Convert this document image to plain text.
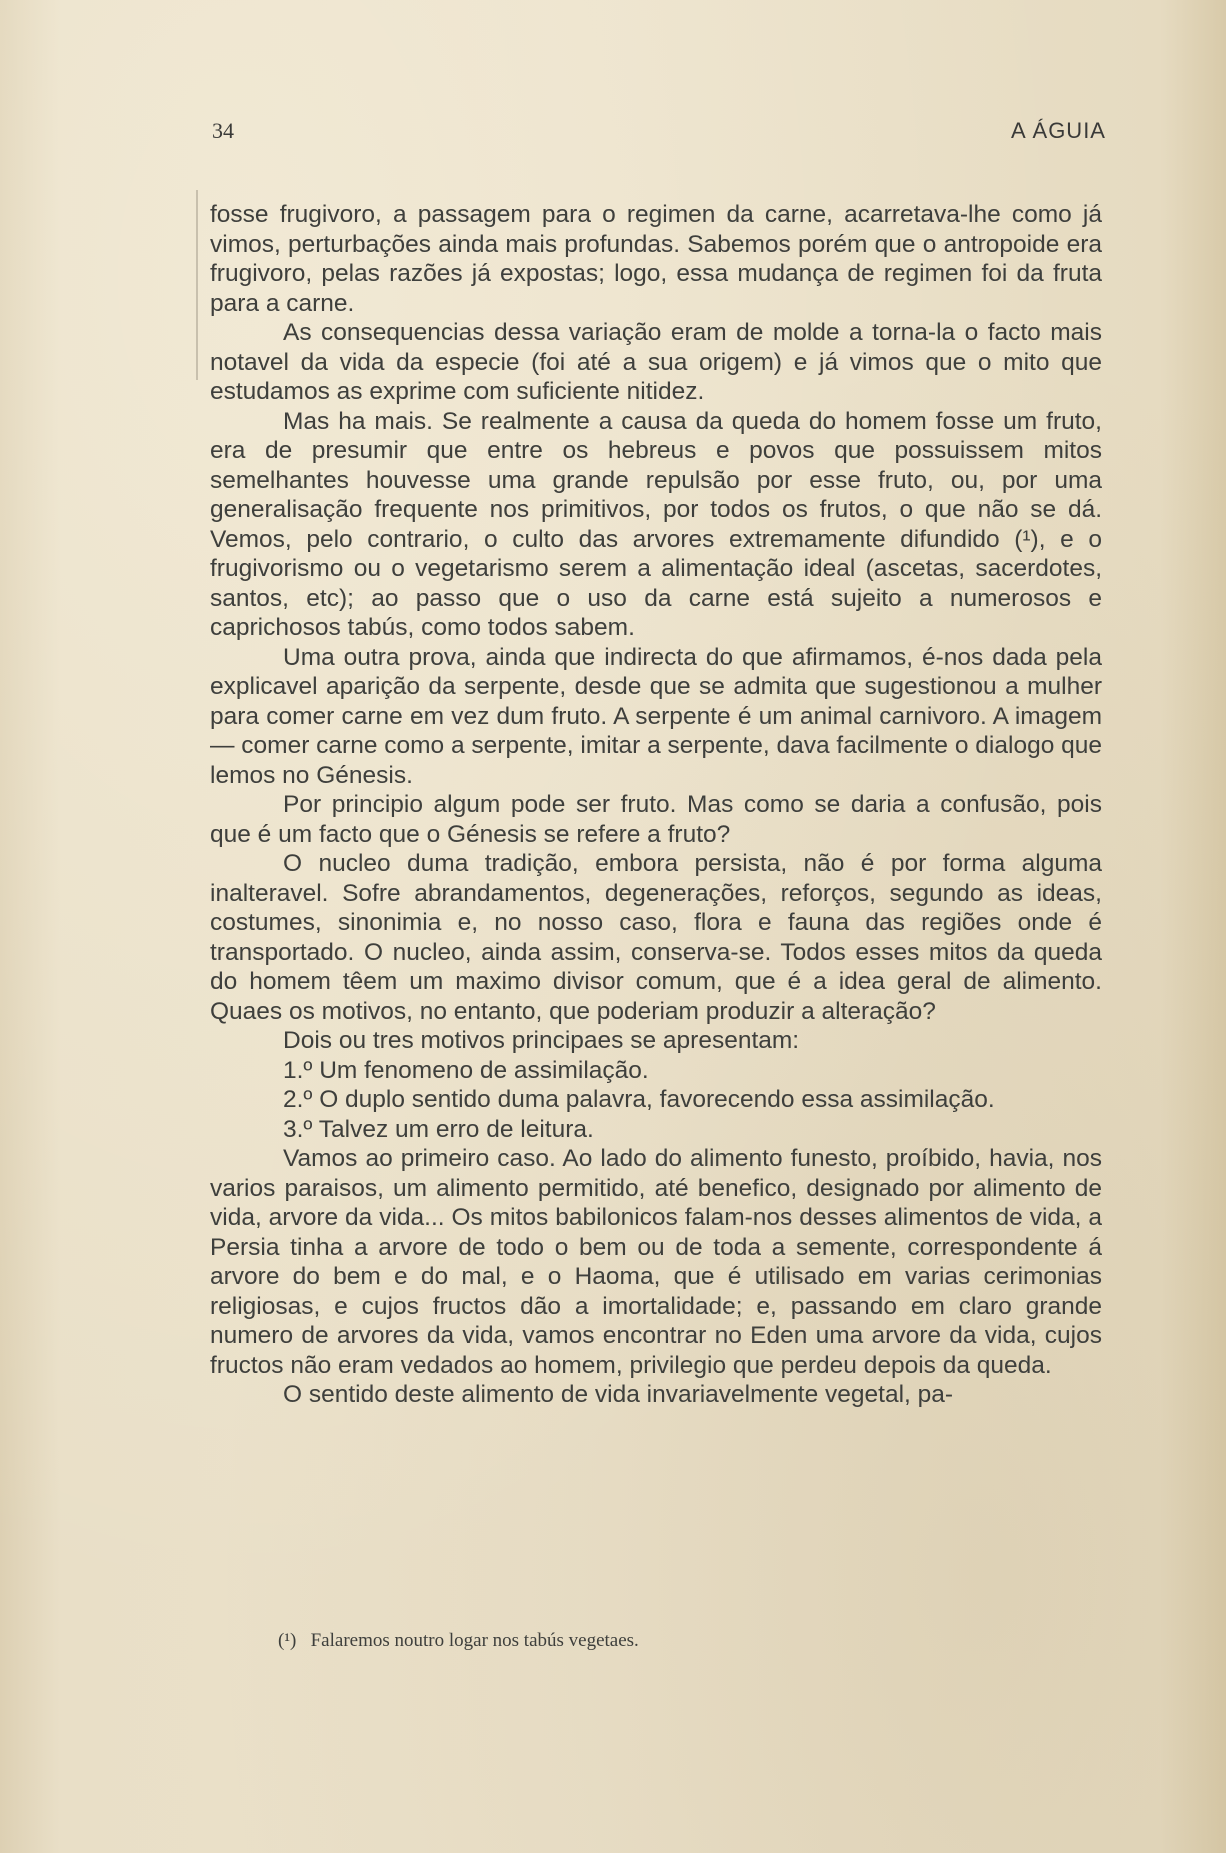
34	A ÁGUIA

fosse frugivoro, a passagem para o regimen da carne, acarretava-lhe como já vimos, perturbações ainda mais profundas. Sabemos porém que o antropoide era frugivoro, pelas razões já expostas; logo, essa mudança de regimen foi da fruta para a carne.

As consequencias dessa variação eram de molde a torna-la o facto mais notavel da vida da especie (foi até a sua origem) e já vimos que o mito que estudamos as exprime com suficiente nitidez.

Mas ha mais. Se realmente a causa da queda do homem fosse um fruto, era de presumir que entre os hebreus e povos que possuissem mitos semelhantes houvesse uma grande repulsão por esse fruto, ou, por uma generalisação frequente nos primitivos, por todos os frutos, o que não se dá. Vemos, pelo contrario, o culto das arvores extremamente difundido (¹), e o frugivorismo ou o vegetarismo serem a alimentação ideal (ascetas, sacerdotes, santos, etc); ao passo que o uso da carne está sujeito a numerosos e caprichosos tabús, como todos sabem.

Uma outra prova, ainda que indirecta do que afirmamos, é-nos dada pela explicavel aparição da serpente, desde que se admita que sugestionou a mulher para comer carne em vez dum fruto. A serpente é um animal carnivoro. A imagem — comer carne como a serpente, imitar a serpente, dava facilmente o dialogo que lemos no Génesis.

Por principio algum pode ser fruto. Mas como se daria a confusão, pois que é um facto que o Génesis se refere a fruto?

O nucleo duma tradição, embora persista, não é por forma alguma inalteravel. Sofre abrandamentos, degenerações, reforços, segundo as ideas, costumes, sinonimia e, no nosso caso, flora e fauna das regiões onde é transportado. O nucleo, ainda assim, conserva-se. Todos esses mitos da queda do homem têem um maximo divisor comum, que é a idea geral de alimento. Quaes os motivos, no entanto, que poderiam produzir a alteração?

Dois ou tres motivos principaes se apresentam:

1.º Um fenomeno de assimilação.

2.º O duplo sentido duma palavra, favorecendo essa assimilação.

3.º Talvez um erro de leitura.

Vamos ao primeiro caso. Ao lado do alimento funesto, proíbido, havia, nos varios paraisos, um alimento permitido, até benefico, designado por alimento de vida, arvore da vida... Os mitos babilonicos falam-nos desses alimentos de vida, a Persia tinha a arvore de todo o bem ou de toda a semente, correspondente á arvore do bem e do mal, e o Haoma, que é utilisado em varias cerimonias religiosas, e cujos fructos dão a imortalidade; e, passando em claro grande numero de arvores da vida, vamos encontrar no Eden uma arvore da vida, cujos fructos não eram vedados ao homem, privilegio que perdeu depois da queda.

O sentido deste alimento de vida invariavelmente vegetal, pa-

(¹) Falaremos noutro logar nos tabús vegetaes.
